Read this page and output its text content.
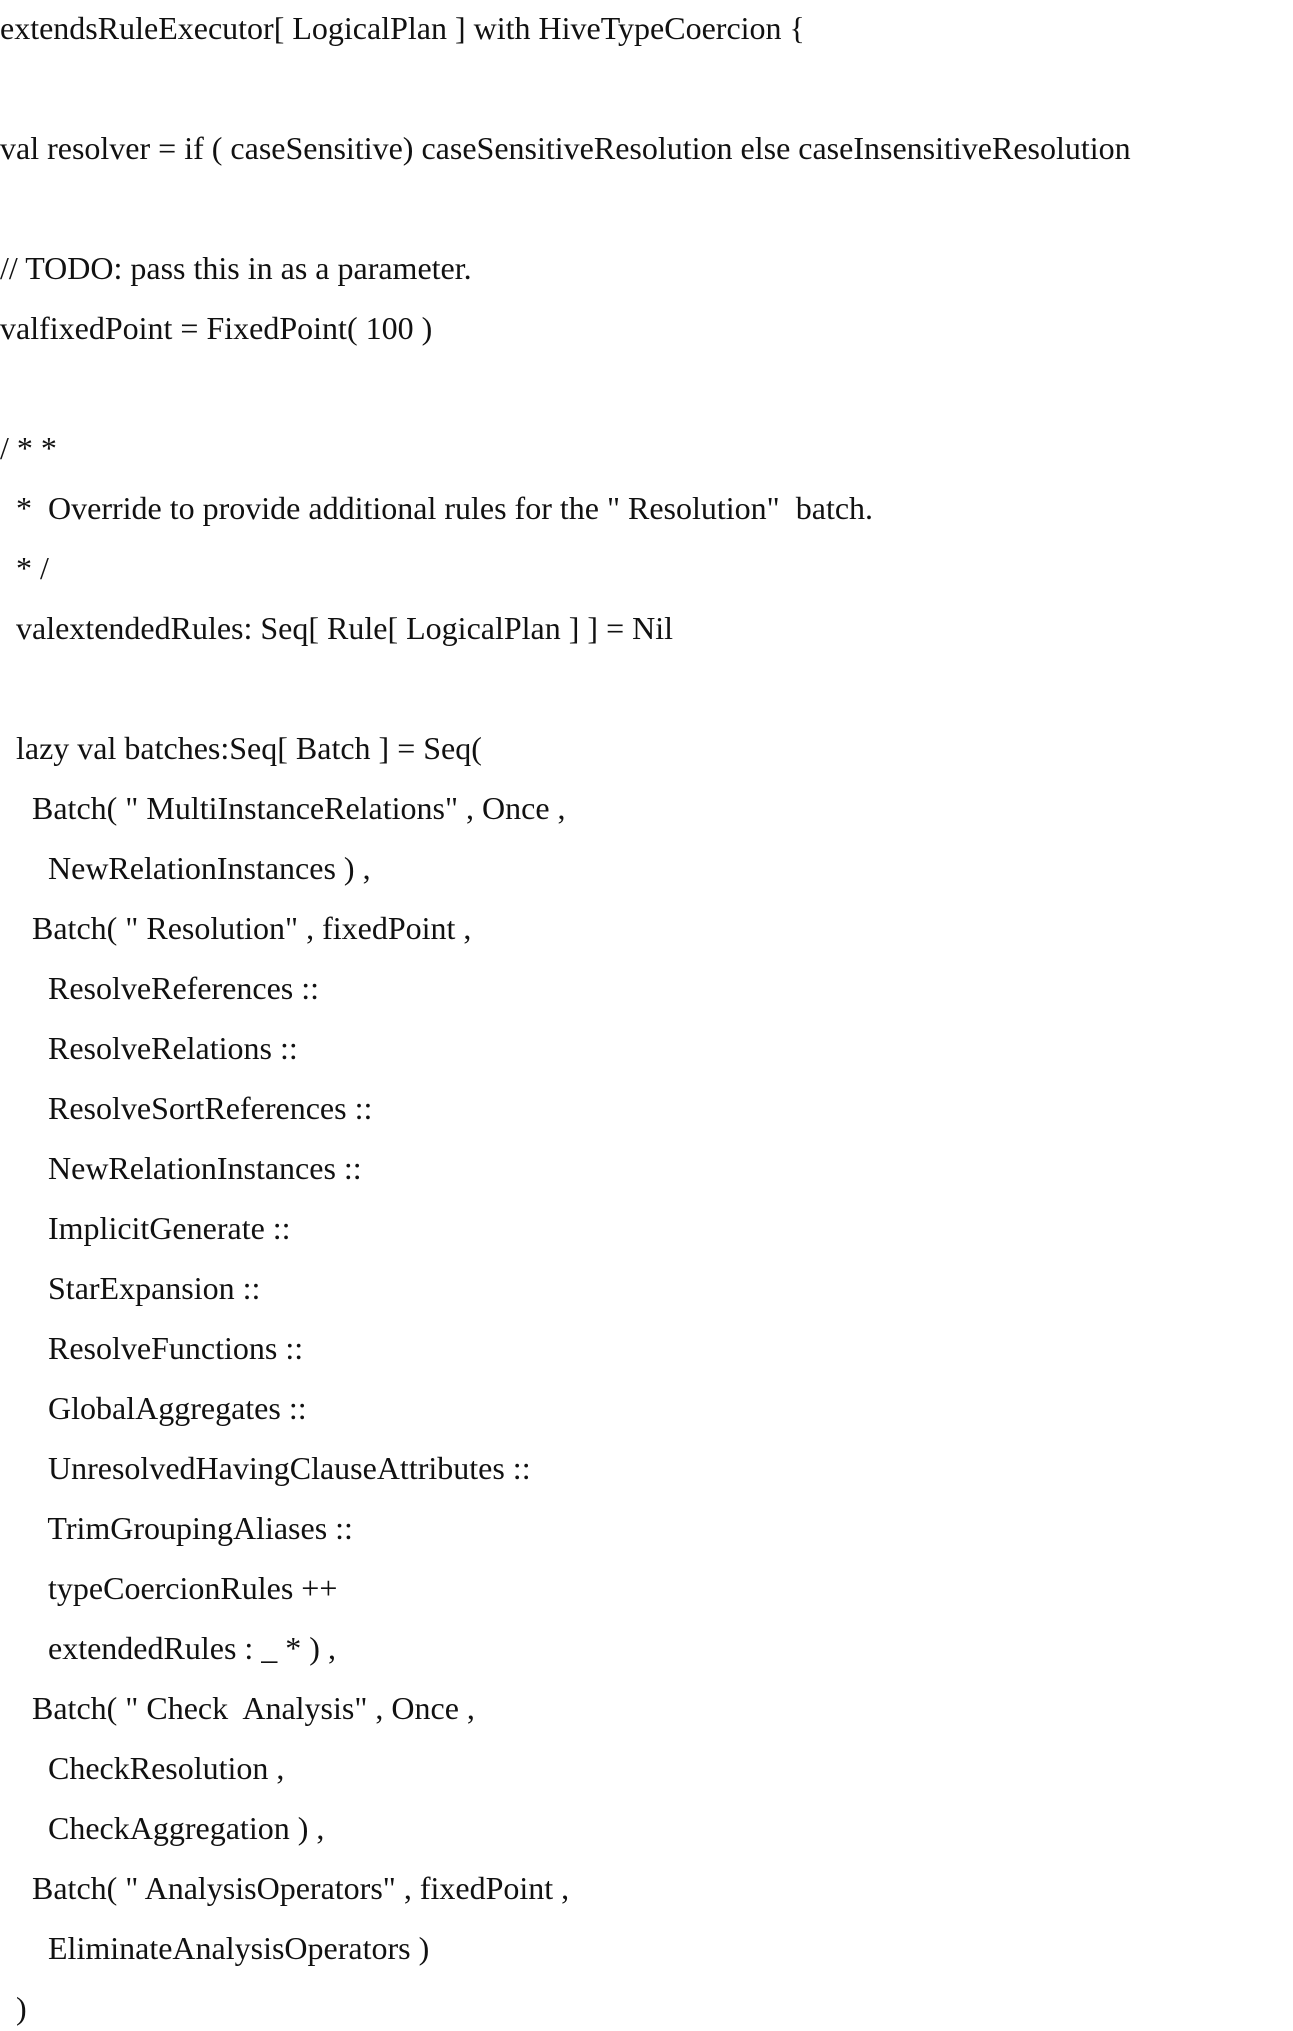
extendsRuleExecutor[ LogicalPlan ] with HiveTypeCoercion {
val resolver = if ( caseSensitive) caseSensitiveResolution else caseInsensitiveResolution
// TODO: pass this in as a parameter.
valfixedPoint = FixedPoint( 100 )
/ * *
*  Override to provide additional rules for the " Resolution"  batch.
* /
valextendedRules: Seq[ Rule[ LogicalPlan ] ] = Nil
lazy val batches:Seq[ Batch ] = Seq(
Batch( " MultiInstanceRelations" , Once ,
NewRelationInstances ) ,
Batch( " Resolution" , fixedPoint ,
ResolveReferences ::
ResolveRelations ::
ResolveSortReferences ::
NewRelationInstances ::
ImplicitGenerate ::
StarExpansion ::
ResolveFunctions ::
GlobalAggregates ::
UnresolvedHavingClauseAttributes ::
TrimGroupingAliases ::
typeCoercionRules ++
extendedRules : _ * ) ,
Batch( " Check  Analysis" , Once ,
CheckResolution ,
CheckAggregation ) ,
Batch( " AnalysisOperators" , fixedPoint ,
EliminateAnalysisOperators )
)
